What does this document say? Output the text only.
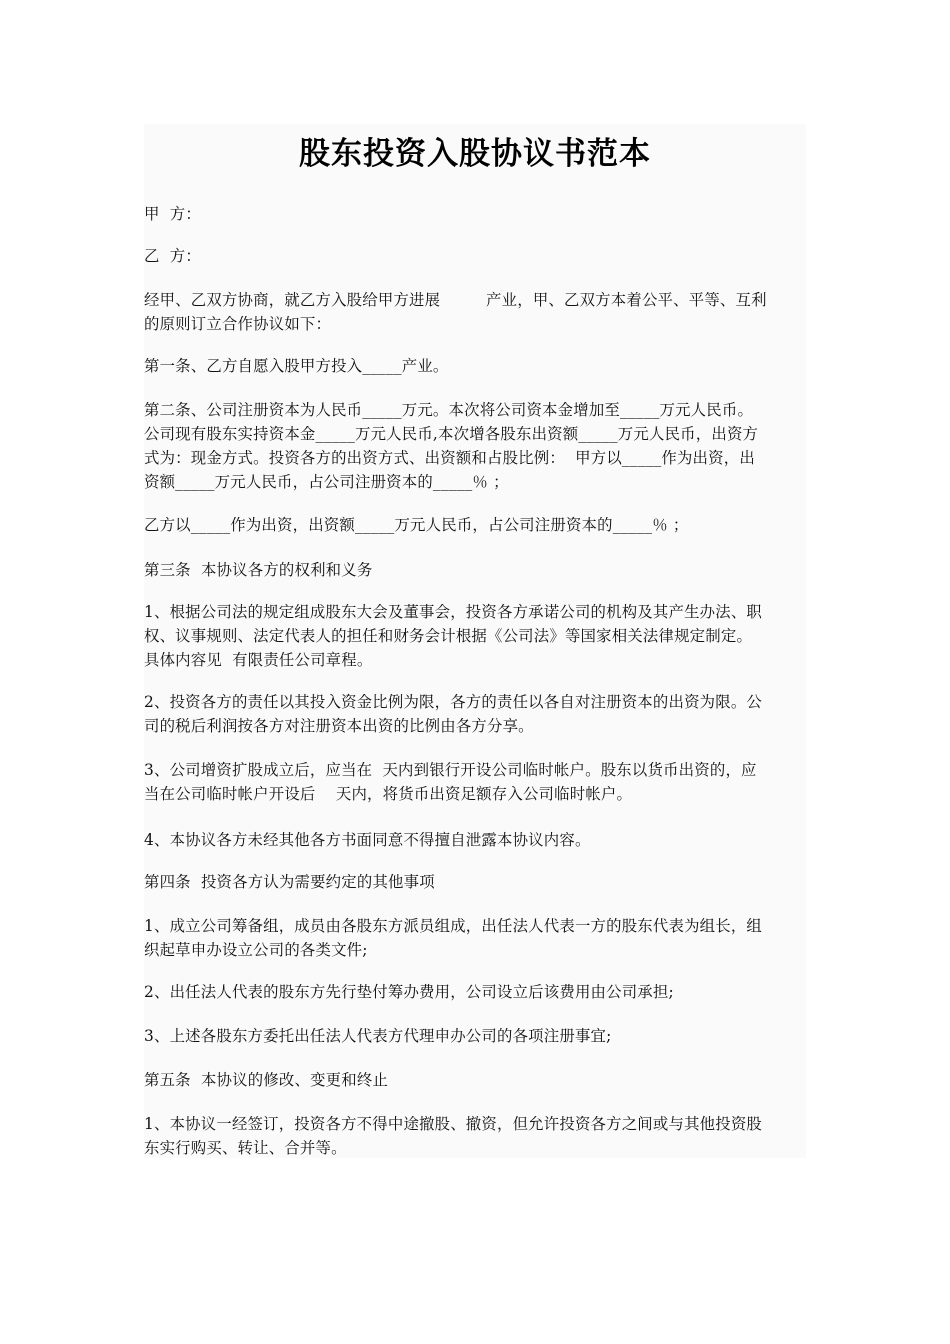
股东投资入股协议书范本
甲  方：
乙  方：
经甲、乙双方协商，就乙方入股给甲方进展         产业，甲、乙双方本着公平、平等、互利
的原则订立合作协议如下：
第一条、乙方自愿入股甲方投入_____产业。
第二条、公司注册资本为人民币_____万元。本次将公司资本金增加至_____万元人民币。
公司现有股东实持资本金_____万元人民币,本次增各股东出资额_____万元人民币，出资方
式为：现金方式。投资各方的出资方式、出资额和占股比例：  甲方以_____作为出资，出
资额_____万元人民币，占公司注册资本的_____％ ；
乙方以_____作为出资，出资额_____万元人民币，占公司注册资本的_____％ ；
第三条  本协议各方的权利和义务
1、根据公司法的规定组成股东大会及董事会，投资各方承诺公司的机构及其产生办法、职
权、议事规则、法定代表人的担任和财务会计根据《公司法》等国家相关法律规定制定。
具体内容见  有限责任公司章程。
2、投资各方的责任以其投入资金比例为限，各方的责任以各自对注册资本的出资为限。公
司的税后利润按各方对注册资本出资的比例由各方分享。
3、公司增资扩股成立后，应当在  天内到银行开设公司临时帐户。股东以货币出资的，应
当在公司临时帐户开设后    天内，将货币出资足额存入公司临时帐户。
4、本协议各方未经其他各方书面同意不得擅自泄露本协议内容。
第四条  投资各方认为需要约定的其他事项
1、成立公司筹备组，成员由各股东方派员组成，出任法人代表一方的股东代表为组长，组
织起草申办设立公司的各类文件;
2、出任法人代表的股东方先行垫付筹办费用，公司设立后该费用由公司承担;
3、上述各股东方委托出任法人代表方代理申办公司的各项注册事宜;
第五条  本协议的修改、变更和终止
1、本协议一经签订，投资各方不得中途撤股、撤资，但允许投资各方之间或与其他投资股
东实行购买、转让、合并等。
